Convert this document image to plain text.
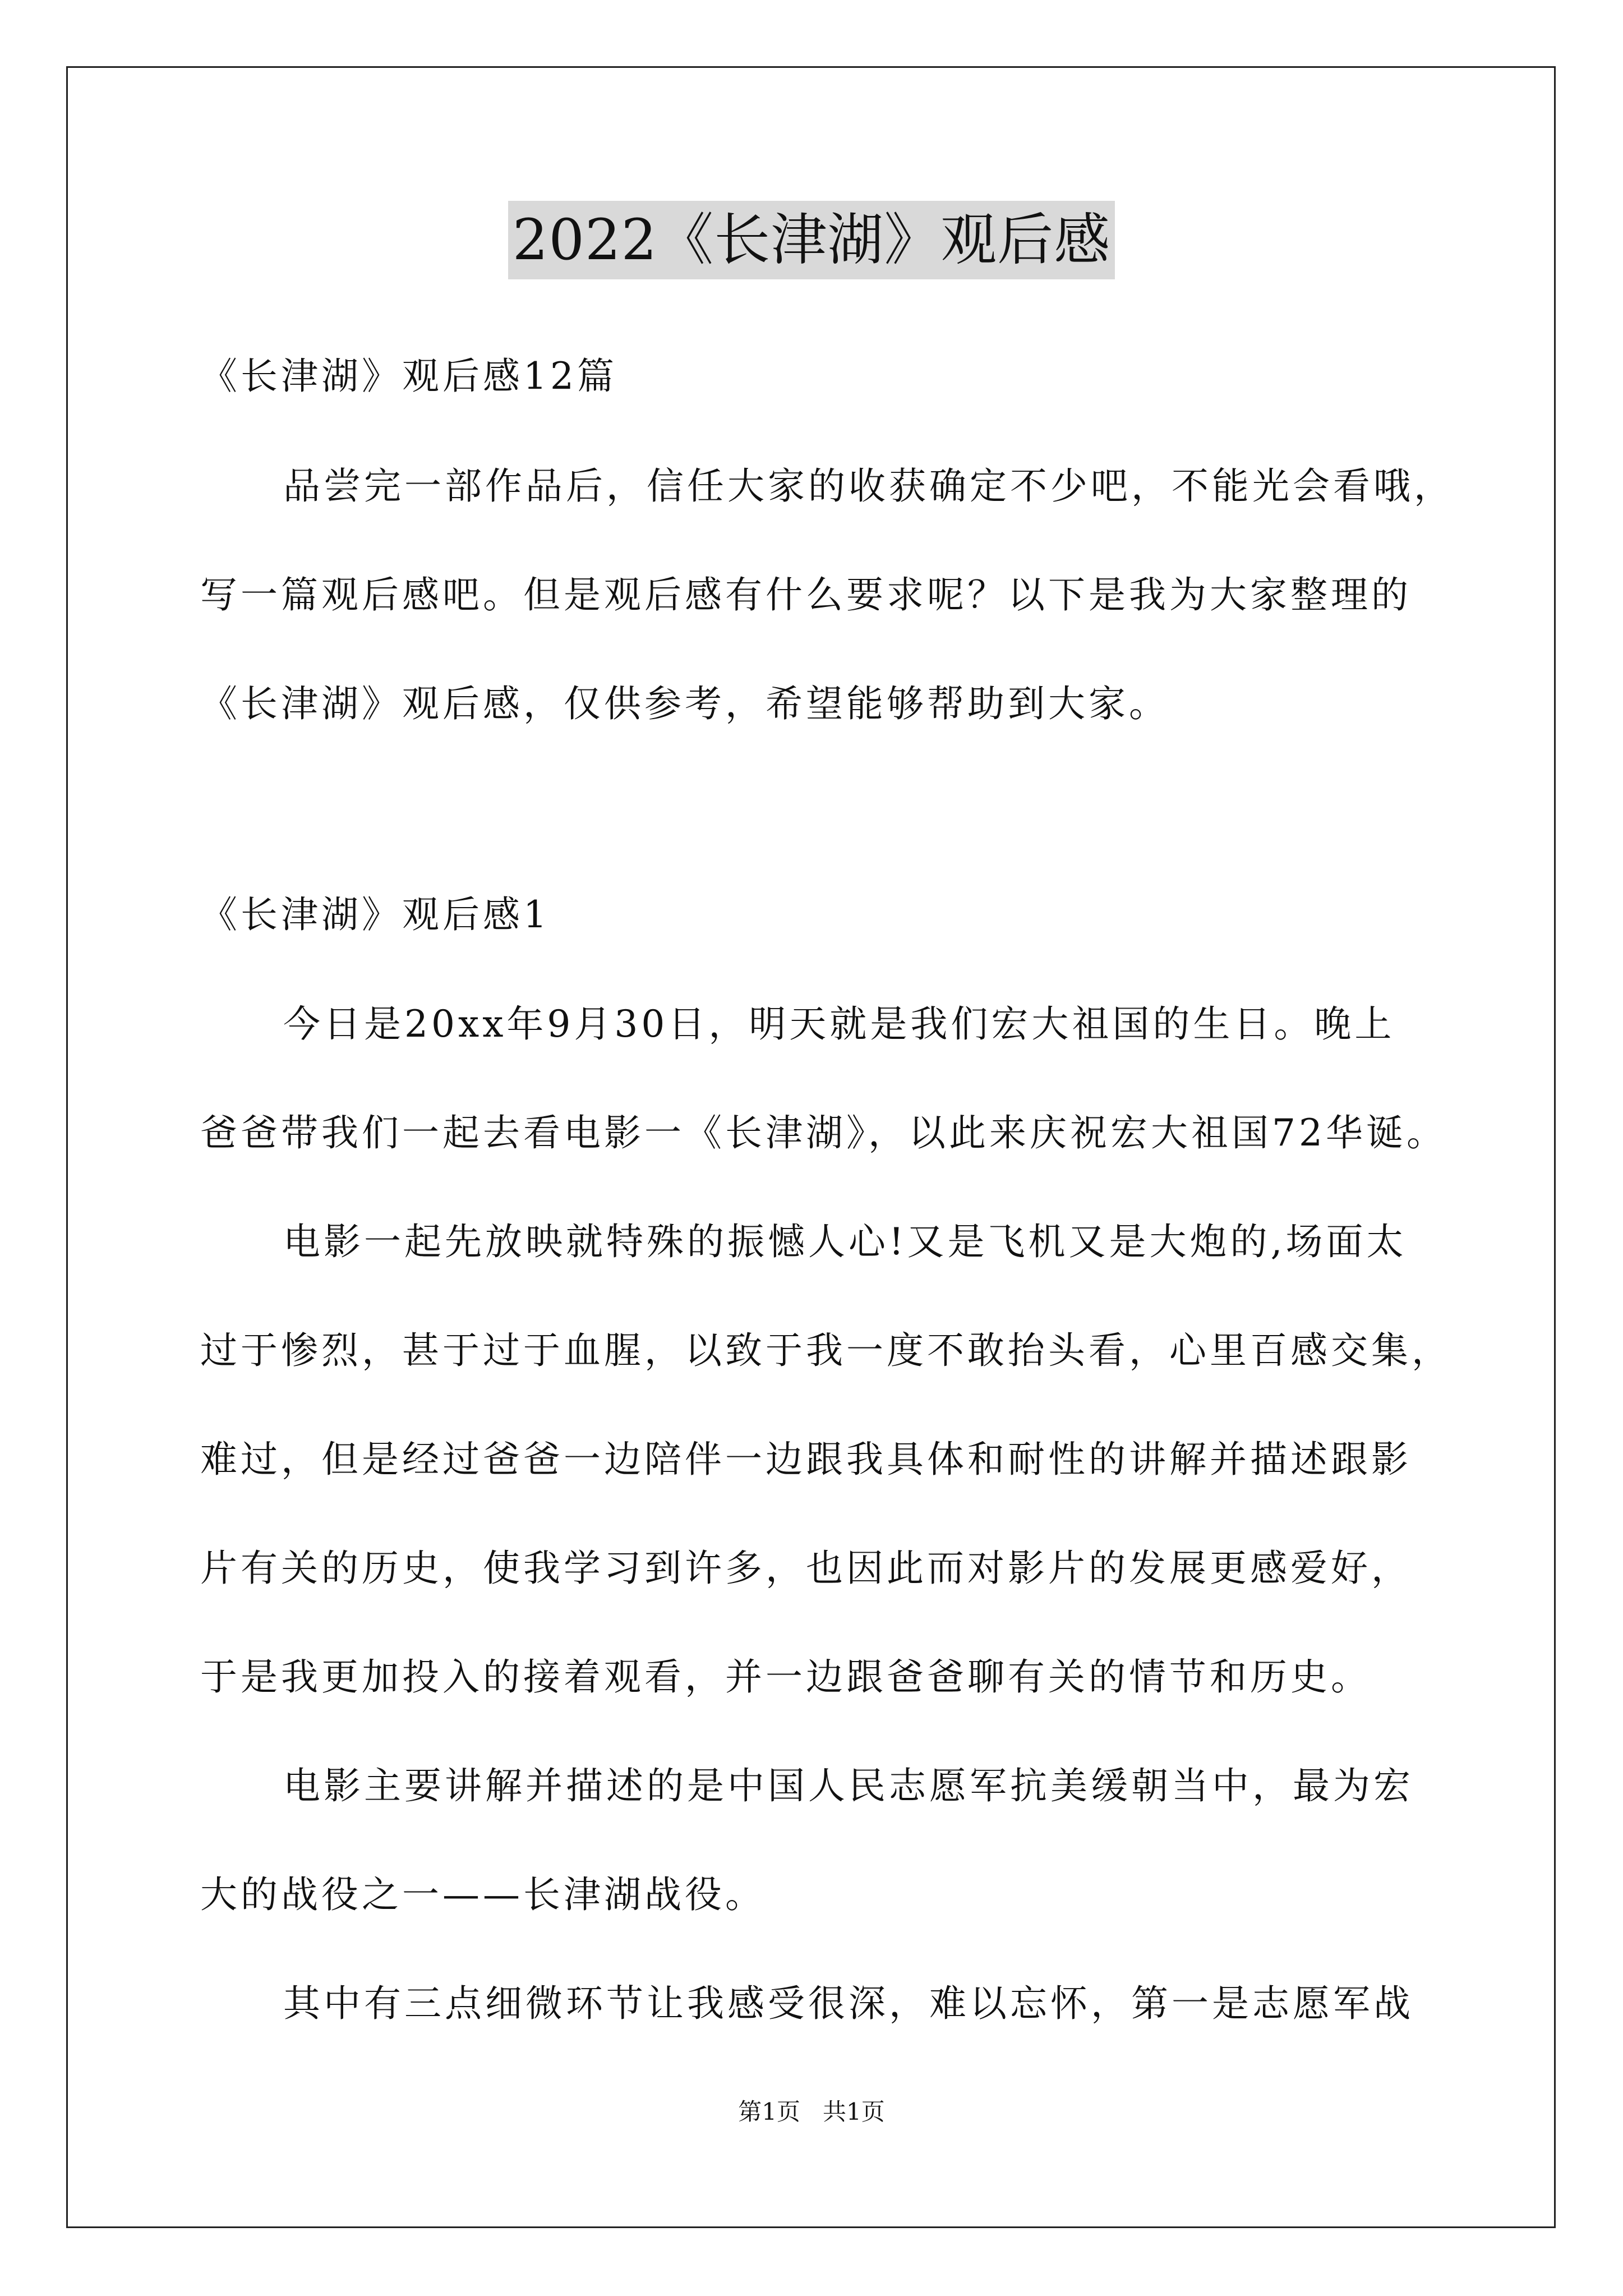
2022《长津湖》观后感
《长津湖》观后感12篇
品尝完一部作品后，信任大家的收获确定不少吧，不能光会看哦，
写一篇观后感吧。但是观后感有什么要求呢？以下是我为大家整理的
《长津湖》观后感，仅供参考，希望能够帮助到大家。
《长津湖》观后感1
今日是20xx年9月30日，明天就是我们宏大祖国的生日。晚上
爸爸带我们一起去看电影一《长津湖》，以此来庆祝宏大祖国72华诞。
电影一起先放映就特殊的振憾人心!又是飞机又是大炮的,场面太
过于惨烈，甚于过于血腥，以致于我一度不敢抬头看，心里百感交集，
难过，但是经过爸爸一边陪伴一边跟我具体和耐性的讲解并描述跟影
片有关的历史，使我学习到许多，也因此而对影片的发展更感爱好，
于是我更加投入的接着观看，并一边跟爸爸聊有关的情节和历史。
电影主要讲解并描述的是中国人民志愿军抗美缓朝当中，最为宏
大的战役之一——长津湖战役。
其中有三点细微环节让我感受很深，难以忘怀，第一是志愿军战
第1页   共1页
